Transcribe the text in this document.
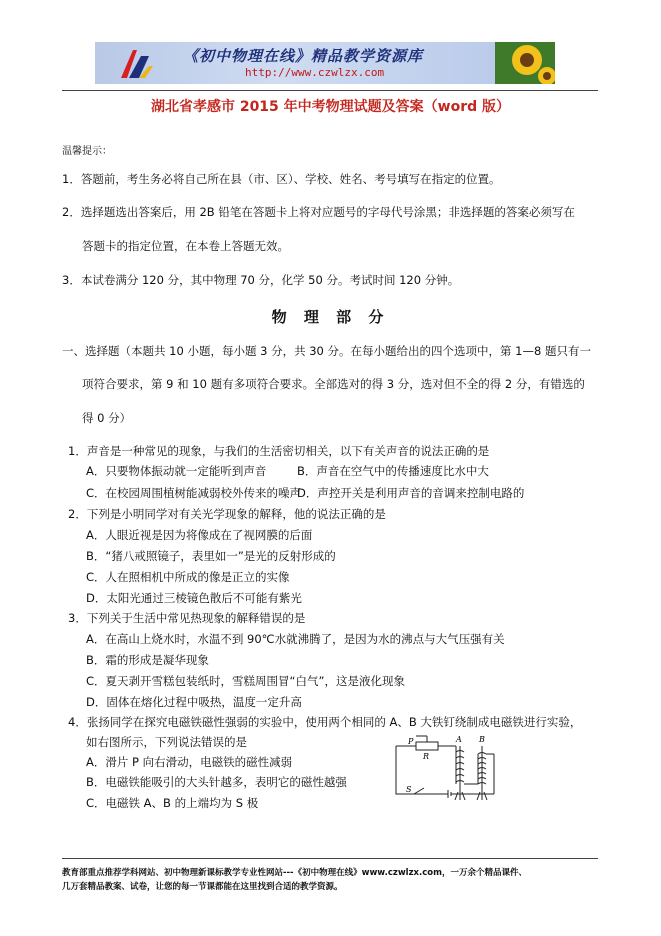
《初中物理在线》精品教学资源库
http://www.czwlzx.com
湖北省孝感市 2015 年中考物理试题及答案（word 版）
温馨提示：
1．答题前，考生务必将自己所在县（市、区）、学校、姓名、考号填写在指定的位置。
2．选择题选出答案后，用 2B 铅笔在答题卡上将对应题号的字母代号涂黑；非选择题的答案必须写在
答题卡的指定位置，在本卷上答题无效。
3．本试卷满分 120 分，其中物理 70 分，化学 50 分。考试时间 120 分钟。
物 理 部 分
一、选择题（本题共 10 小题，每小题 3 分，共 30 分。在每小题给出的四个选项中，第 1—8 题只有一
项符合要求，第 9 和 10 题有多项符合要求。全部选对的得 3 分，选对但不全的得 2 分，有错选的
得 0 分）
1．声音是一种常见的现象，与我们的生活密切相关，以下有关声音的说法正确的是
A．只要物体振动就一定能听到声音	B．声音在空气中的传播速度比水中大
C．在校园周围植树能减弱校外传来的噪声
D．声控开关是利用声音的音调来控制电路的
2．下列是小明同学对有关光学现象的解释，他的说法正确的是
A．人眼近视是因为将像成在了视网膜的后面
B．“猪八戒照镜子，表里如一”是光的反射形成的
C．人在照相机中所成的像是正立的实像
D．太阳光通过三棱镜色散后不可能有紫光
3．下列关于生活中常见热现象的解释错误的是
A．在高山上烧水时，水温不到 90℃水就沸腾了，是因为水的沸点与大气压强有关
B．霜的形成是凝华现象
C．夏天剥开雪糕包装纸时，雪糕周围冒“白气”，这是液化现象
D．固体在熔化过程中吸热，温度一定升高
4．张扬同学在探究电磁铁磁性强弱的实验中，使用两个相同的 A、B 大铁钉绕制成电磁铁进行实验，
如右图所示，下列说法错误的是
A．滑片 P 向右滑动，电磁铁的磁性减弱
B．电磁铁能吸引的大头针越多，表明它的磁性越强
C．电磁铁 A、B 的上端均为 S 极
P
R
A B
S
教育部重点推荐学科网站、初中物理新课标教学专业性网站---《初中物理在线》www.czwlzx.com，一万余个精品课件、
几万套精品教案、试卷，让您的每一节课都能在这里找到合适的教学资源。
